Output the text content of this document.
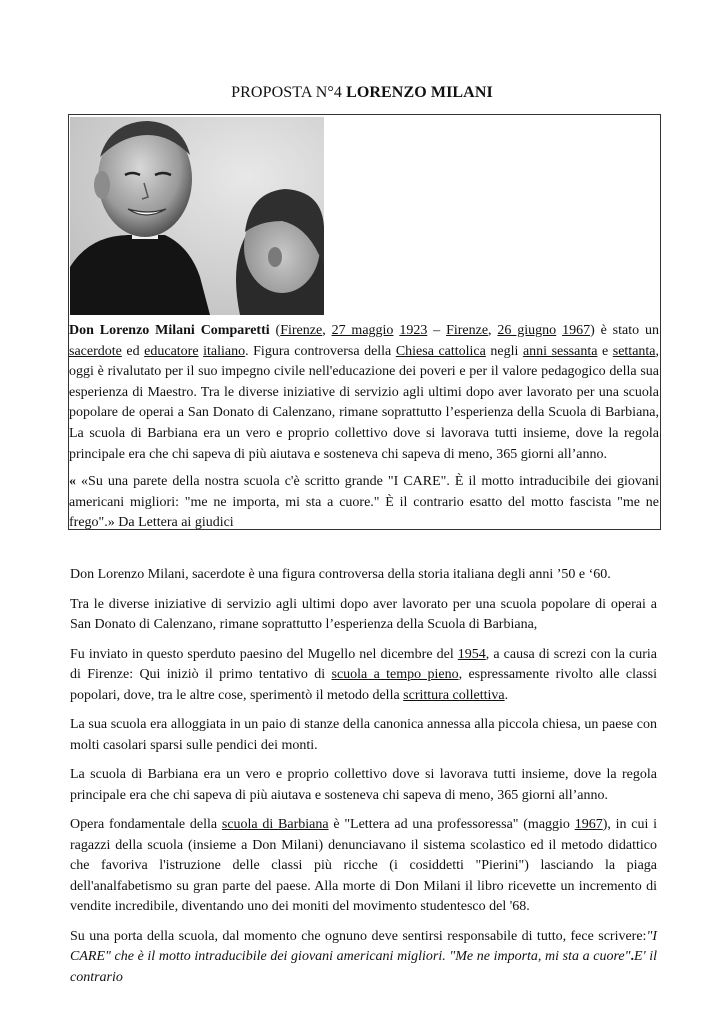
PROPOSTA N°4 LORENZO MILANI

Don Lorenzo Milani Comparetti (Firenze, 27 maggio 1923 – Firenze, 26 giugno 1967) è stato un sacerdote ed educatore italiano. Figura controversa della Chiesa cattolica negli anni sessanta e settanta, oggi è rivalutato per il suo impegno civile nell'educazione dei poveri e per il valore pedagogico della sua esperienza di Maestro. Tra le diverse iniziative di servizio agli ultimi dopo aver lavorato per una scuola popolare de operai a San Donato di Calenzano, rimane soprattutto l’esperienza della Scuola di Barbiana, La scuola di Barbiana era un vero e proprio collettivo dove si lavorava tutti insieme, dove la regola principale era che chi sapeva di più aiutava e sosteneva chi sapeva di meno, 365 giorni all’anno.

« «Su una parete della nostra scuola c'è scritto grande "I CARE". È il motto intraducibile dei giovani americani migliori: "me ne importa, mi sta a cuore." È il contrario esatto del motto fascista "me ne frego".» Da Lettera ai giudici

Don Lorenzo Milani, sacerdote è una figura controversa della storia italiana degli anni ’50 e ‘60.

Tra le diverse iniziative di servizio agli ultimi dopo aver lavorato per una scuola popolare di operai a San Donato di Calenzano, rimane soprattutto l’esperienza della Scuola di Barbiana,

Fu inviato in questo sperduto paesino del Mugello nel dicembre del 1954, a causa di screzi con la curia di Firenze: Qui iniziò il primo tentativo di scuola a tempo pieno, espressamente rivolto alle classi popolari, dove, tra le altre cose, sperimentò il metodo della scrittura collettiva.

La sua scuola era alloggiata in un paio di stanze della canonica annessa alla piccola chiesa, un paese con molti casolari sparsi sulle pendici dei monti.

La scuola di Barbiana era un vero e proprio collettivo dove si lavorava tutti insieme, dove la regola principale era che chi sapeva di più aiutava e sosteneva chi sapeva di meno, 365 giorni all’anno.

Opera fondamentale della scuola di Barbiana è "Lettera ad una professoressa" (maggio 1967), in cui i ragazzi della scuola (insieme a Don Milani) denunciavano il sistema scolastico ed il metodo didattico che favoriva l'istruzione delle classi più ricche (i cosiddetti "Pierini") lasciando la piaga dell'analfabetismo su gran parte del paese. Alla morte di Don Milani il libro ricevette un incremento di vendite incredibile, diventando uno dei moniti del movimento studentesco del '68.

Su una porta della scuola, dal momento che ognuno deve sentirsi responsabile di tutto, fece scrivere:"I CARE" che è il motto intraducibile dei giovani americani migliori. "Me ne importa, mi sta a cuore".E' il contrario
